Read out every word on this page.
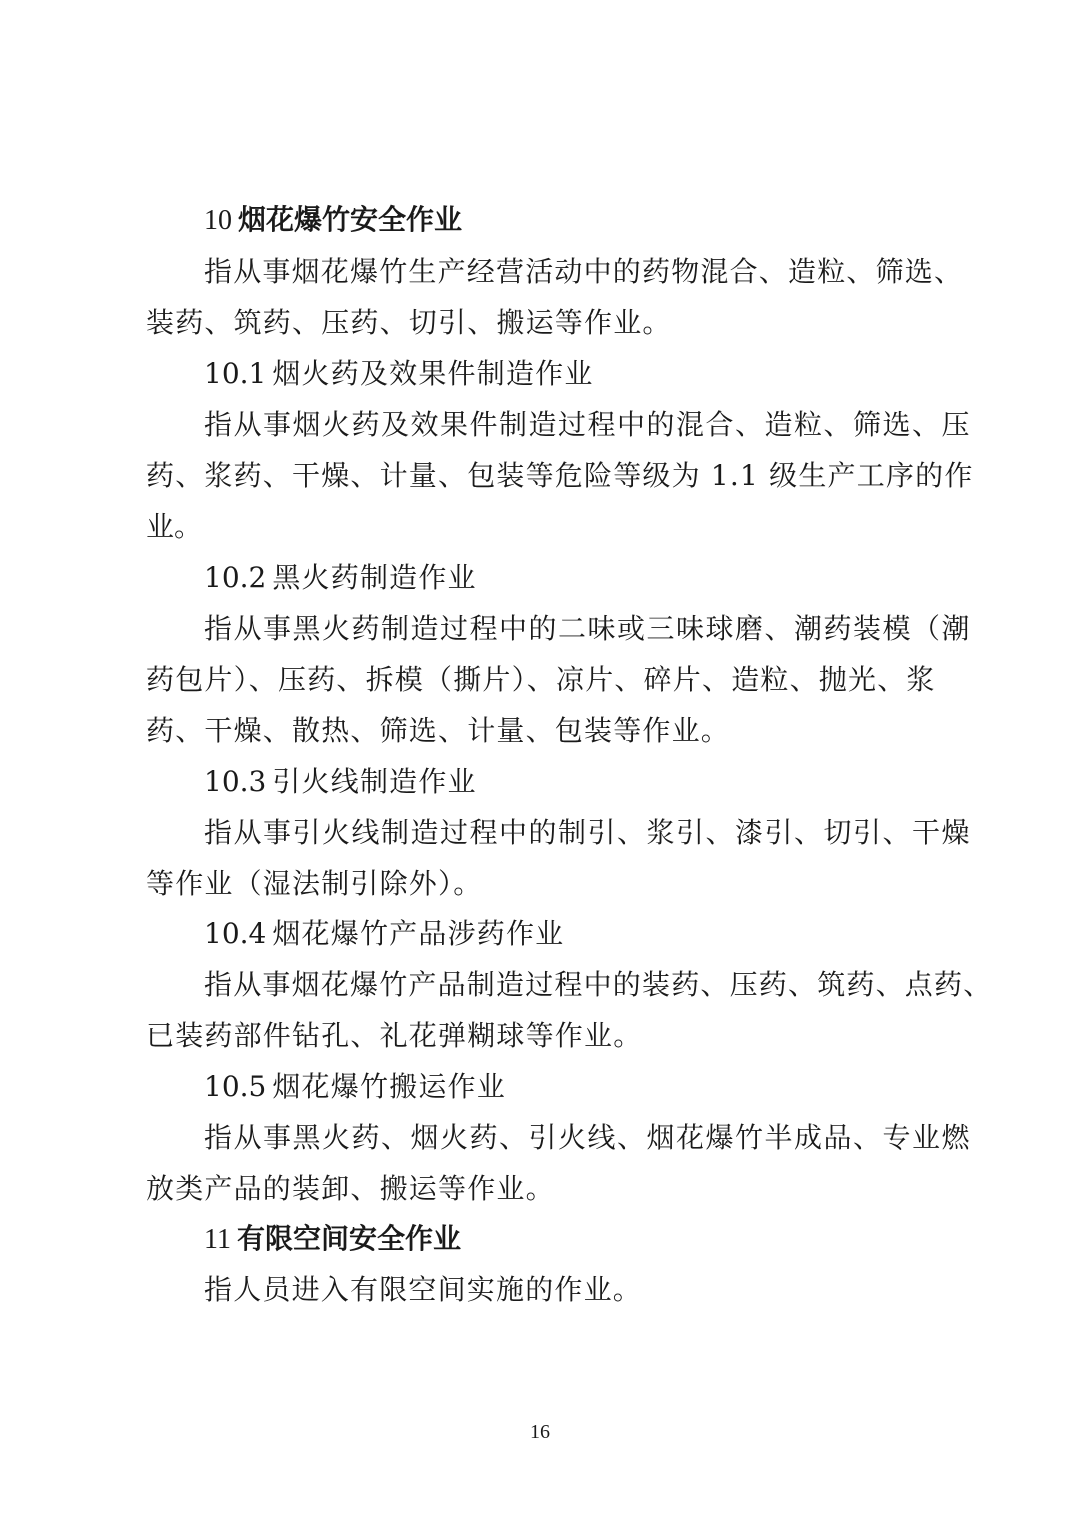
10 烟花爆竹安全作业
指从事烟花爆竹生产经营活动中的药物混合、造粒、筛选、
装药、筑药、压药、切引、搬运等作业。
10.1 烟火药及效果件制造作业
指从事烟火药及效果件制造过程中的混合、造粒、筛选、压
药、浆药、干燥、计量、包装等危险等级为 1.1 级生产工序的作
业。
10.2 黑火药制造作业
指从事黑火药制造过程中的二味或三味球磨、潮药装模（潮
药包片）、压药、拆模（撕片）、凉片、碎片、造粒、抛光、浆
药、干燥、散热、筛选、计量、包装等作业。
10.3 引火线制造作业
指从事引火线制造过程中的制引、浆引、漆引、切引、干燥
等作业（湿法制引除外）。
10.4 烟花爆竹产品涉药作业
指从事烟花爆竹产品制造过程中的装药、压药、筑药、点药、
已装药部件钻孔、礼花弹糊球等作业。
10.5 烟花爆竹搬运作业
指从事黑火药、烟火药、引火线、烟花爆竹半成品、专业燃
放类产品的装卸、搬运等作业。
11 有限空间安全作业
指人员进入有限空间实施的作业。
16
